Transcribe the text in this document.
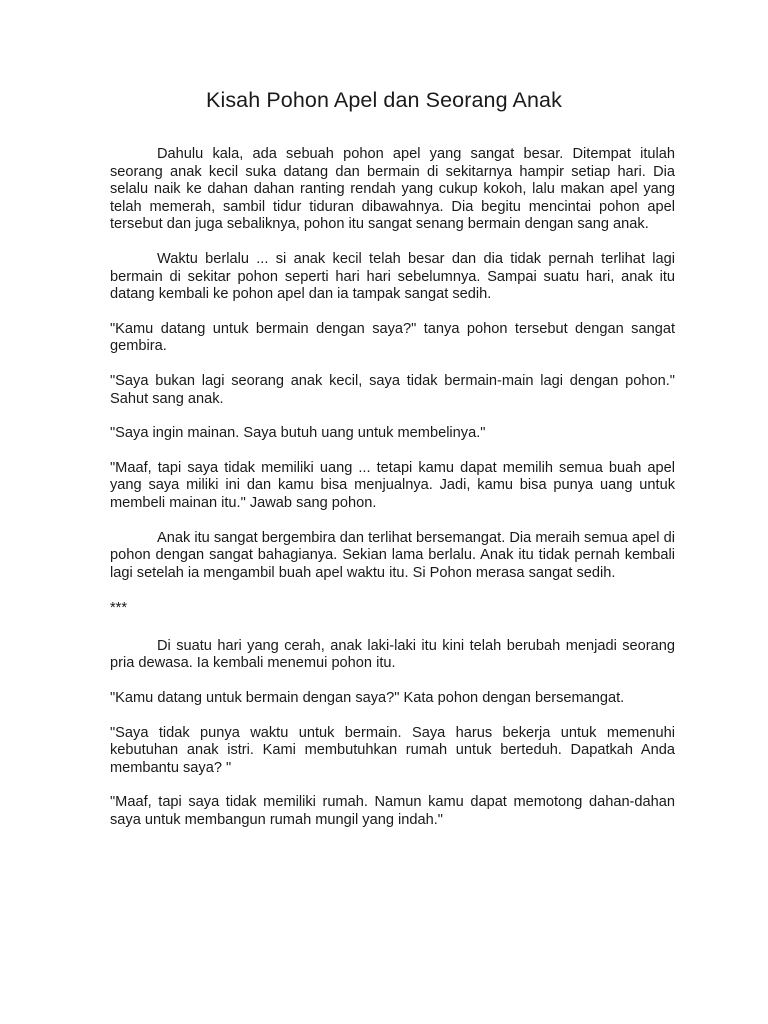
Kisah Pohon Apel dan Seorang Anak

Dahulu kala, ada sebuah pohon apel yang sangat besar. Ditempat itulah seorang anak kecil suka datang dan bermain di sekitarnya hampir setiap hari. Dia selalu naik ke dahan dahan ranting rendah yang cukup kokoh, lalu makan apel yang telah memerah, sambil tidur tiduran dibawahnya. Dia begitu mencintai pohon apel tersebut dan juga sebaliknya, pohon itu sangat senang bermain dengan sang anak.

Waktu berlalu ... si anak kecil telah besar dan dia tidak pernah terlihat lagi bermain di sekitar pohon seperti hari hari sebelumnya. Sampai suatu hari, anak itu datang kembali ke pohon apel dan ia tampak sangat sedih.

"Kamu datang untuk bermain dengan saya?" tanya pohon tersebut dengan sangat gembira.

"Saya bukan lagi seorang anak kecil, saya tidak bermain-main lagi dengan pohon." Sahut sang anak.

"Saya ingin mainan. Saya butuh uang untuk membelinya."

"Maaf, tapi saya tidak memiliki uang ... tetapi kamu dapat memilih semua buah apel yang saya miliki ini dan kamu bisa menjualnya. Jadi, kamu bisa punya uang untuk membeli mainan itu." Jawab sang pohon.

Anak itu sangat bergembira dan terlihat bersemangat. Dia meraih semua apel di pohon dengan sangat bahagianya. Sekian lama berlalu. Anak itu tidak pernah kembali lagi setelah ia mengambil buah apel waktu itu. Si Pohon merasa sangat sedih.

***

Di suatu hari yang cerah, anak laki-laki itu kini telah berubah menjadi seorang pria dewasa. Ia kembali menemui pohon itu.

"Kamu datang untuk bermain dengan saya?" Kata pohon dengan bersemangat.

"Saya tidak punya waktu untuk bermain. Saya harus bekerja untuk memenuhi kebutuhan anak istri. Kami membutuhkan rumah untuk berteduh. Dapatkah Anda membantu saya? "

"Maaf, tapi saya tidak memiliki rumah. Namun kamu dapat memotong dahan-dahan saya untuk membangun rumah mungil yang indah."
